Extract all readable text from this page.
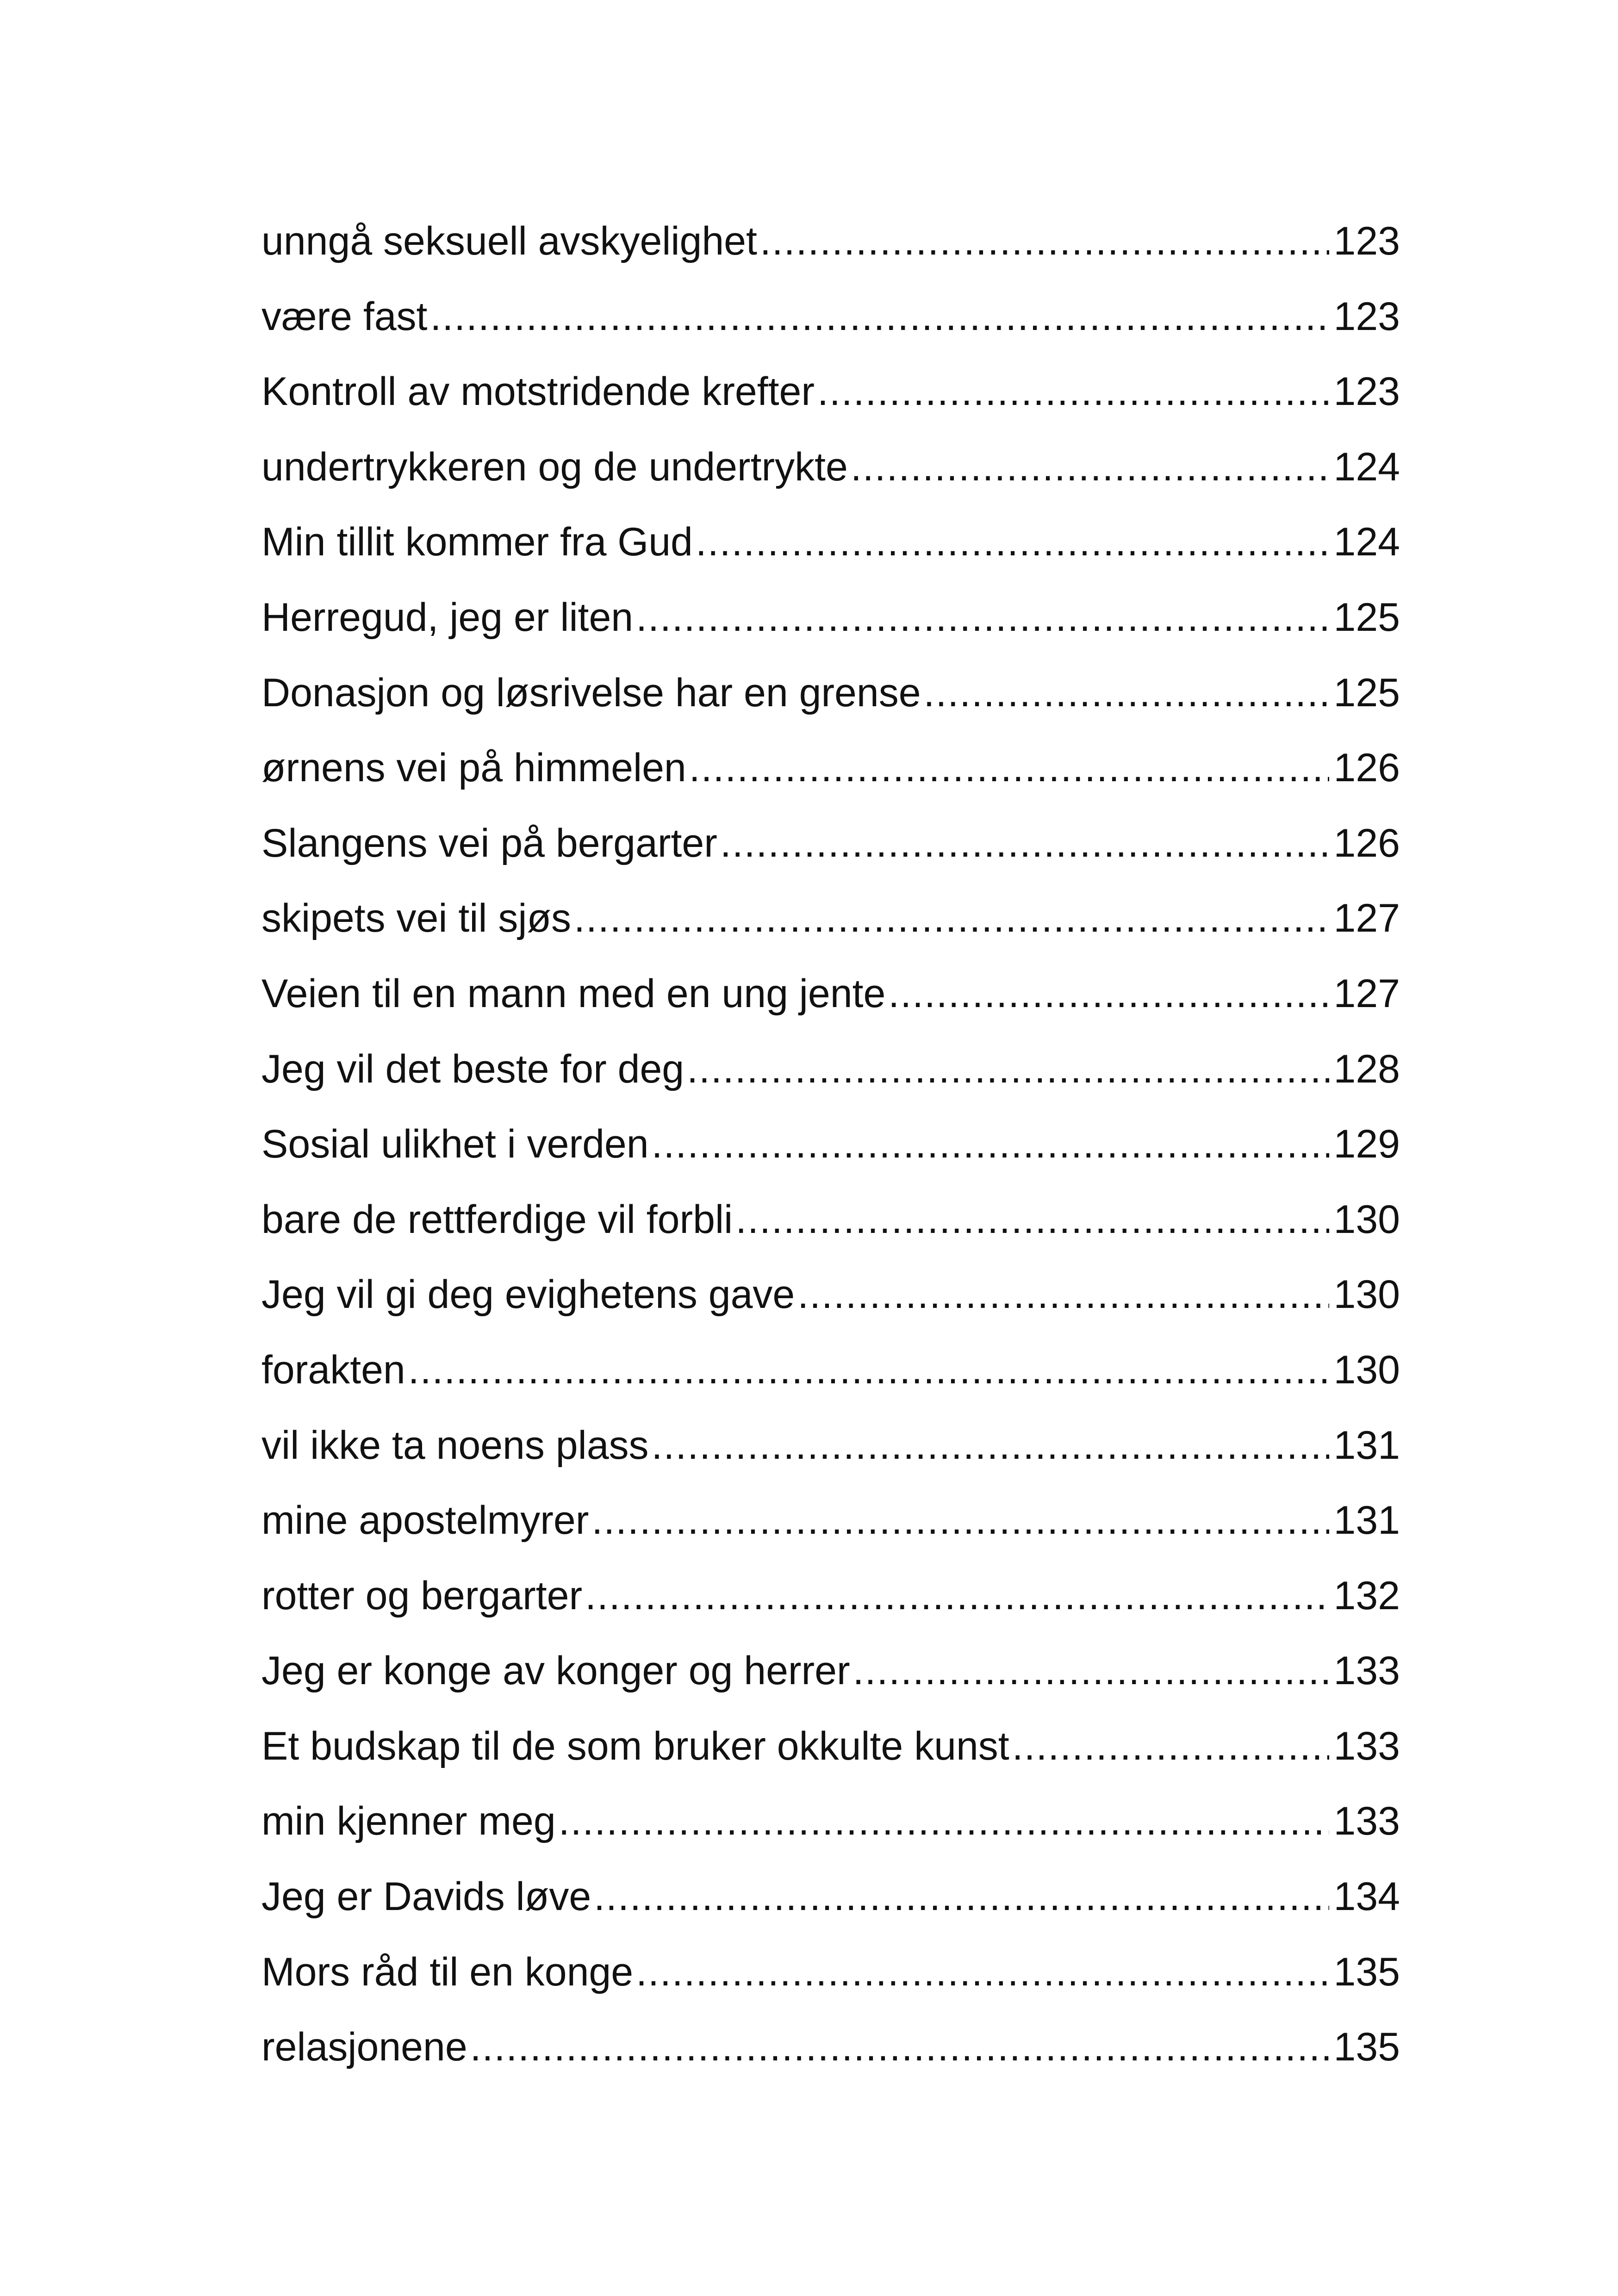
unngå seksuell avskyelighet .....	123
være fast .....	123
Kontroll av motstridende krefter .....	123
undertrykkeren og de undertrykte .....	124
Min tillit kommer fra Gud .....	124
Herregud, jeg er liten .....	125
Donasjon og løsrivelse har en grense .....	125
ørnens vei på himmelen .....	126
Slangens vei på bergarter .....	126
skipets vei til sjøs .....	127
Veien til en mann med en ung jente .....	127
Jeg vil det beste for deg .....	128
Sosial ulikhet i verden .....	129
bare de rettferdige vil forbli .....	130
Jeg vil gi deg evighetens gave .....	130
forakten .....	130
vil ikke ta noens plass .....	131
mine apostelmyrer .....	131
rotter og bergarter .....	132
Jeg er konge av konger og herrer .....	133
Et budskap til de som bruker okkulte kunst .....	133
min kjenner meg .....	133
Jeg er Davids løve .....	134
Mors råd til en konge .....	135
relasjonene .....	135
